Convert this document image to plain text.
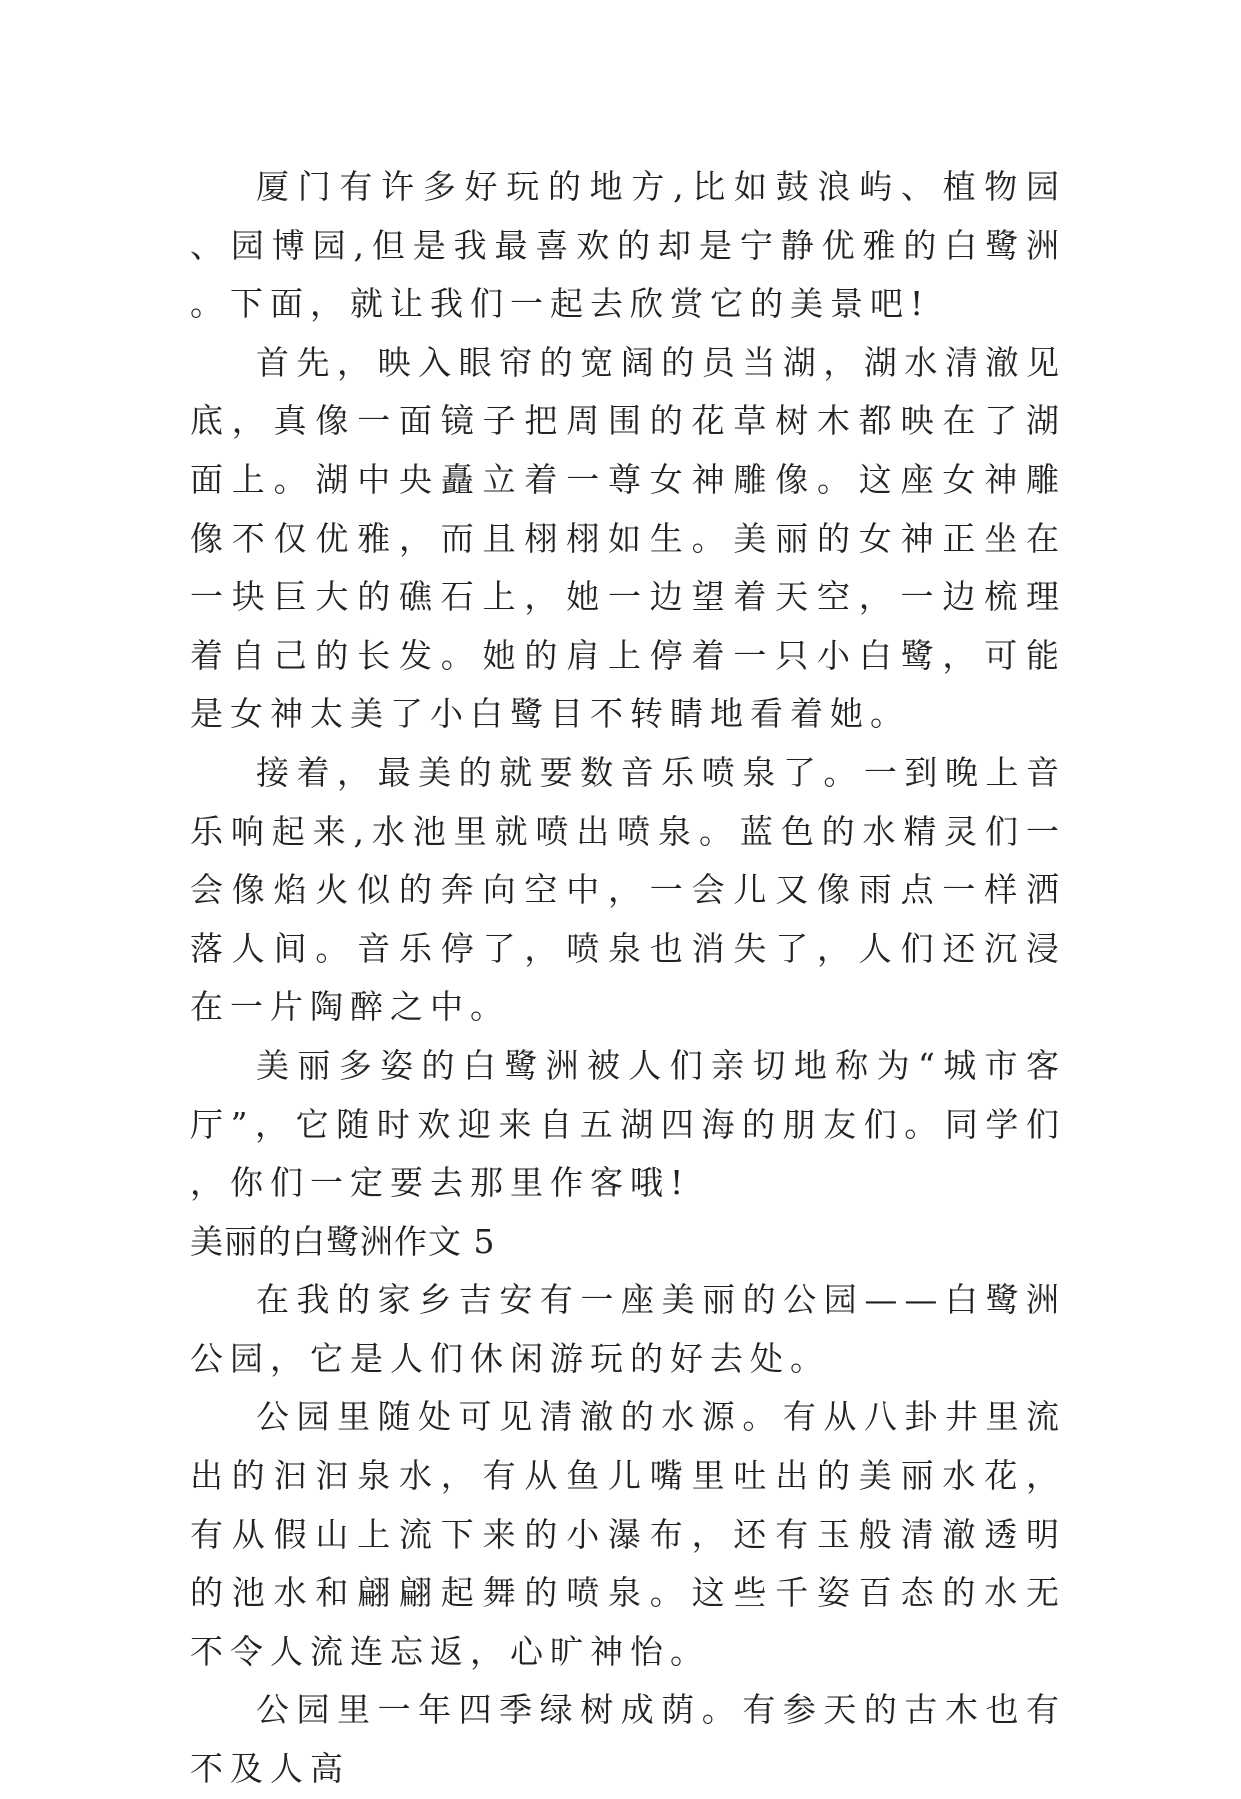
厦门有许多好玩的地方,比如鼓浪屿、植物园、园博园,但是我最喜欢的却是宁静优雅的白鹭洲。下面，就让我们一起去欣赏它的美景吧!

首先，映入眼帘的宽阔的员当湖，湖水清澈见底，真像一面镜子把周围的花草树木都映在了湖面上。湖中央矗立着一尊女神雕像。这座女神雕像不仅优雅，而且栩栩如生。美丽的女神正坐在一块巨大的礁石上，她一边望着天空，一边梳理着自己的长发。她的肩上停着一只小白鹭，可能是女神太美了小白鹭目不转睛地看着她。

接着，最美的就要数音乐喷泉了。一到晚上音乐响起来,水池里就喷出喷泉。蓝色的水精灵们一会像焰火似的奔向空中，一会儿又像雨点一样洒落人间。音乐停了，喷泉也消失了，人们还沉浸在一片陶醉之中。

美丽多姿的白鹭洲被人们亲切地称为“城市客厅”，它随时欢迎来自五湖四海的朋友们。同学们，你们一定要去那里作客哦!

美丽的白鹭洲作文 5

在我的家乡吉安有一座美丽的公园——白鹭洲公园，它是人们休闲游玩的好去处。

公园里随处可见清澈的水源。有从八卦井里流出的汩汩泉水，有从鱼儿嘴里吐出的美丽水花，有从假山上流下来的小瀑布，还有玉般清澈透明的池水和翩翩起舞的喷泉。这些千姿百态的水无不令人流连忘返，心旷神怡。

公园里一年四季绿树成荫。有参天的古木也有不及人高
